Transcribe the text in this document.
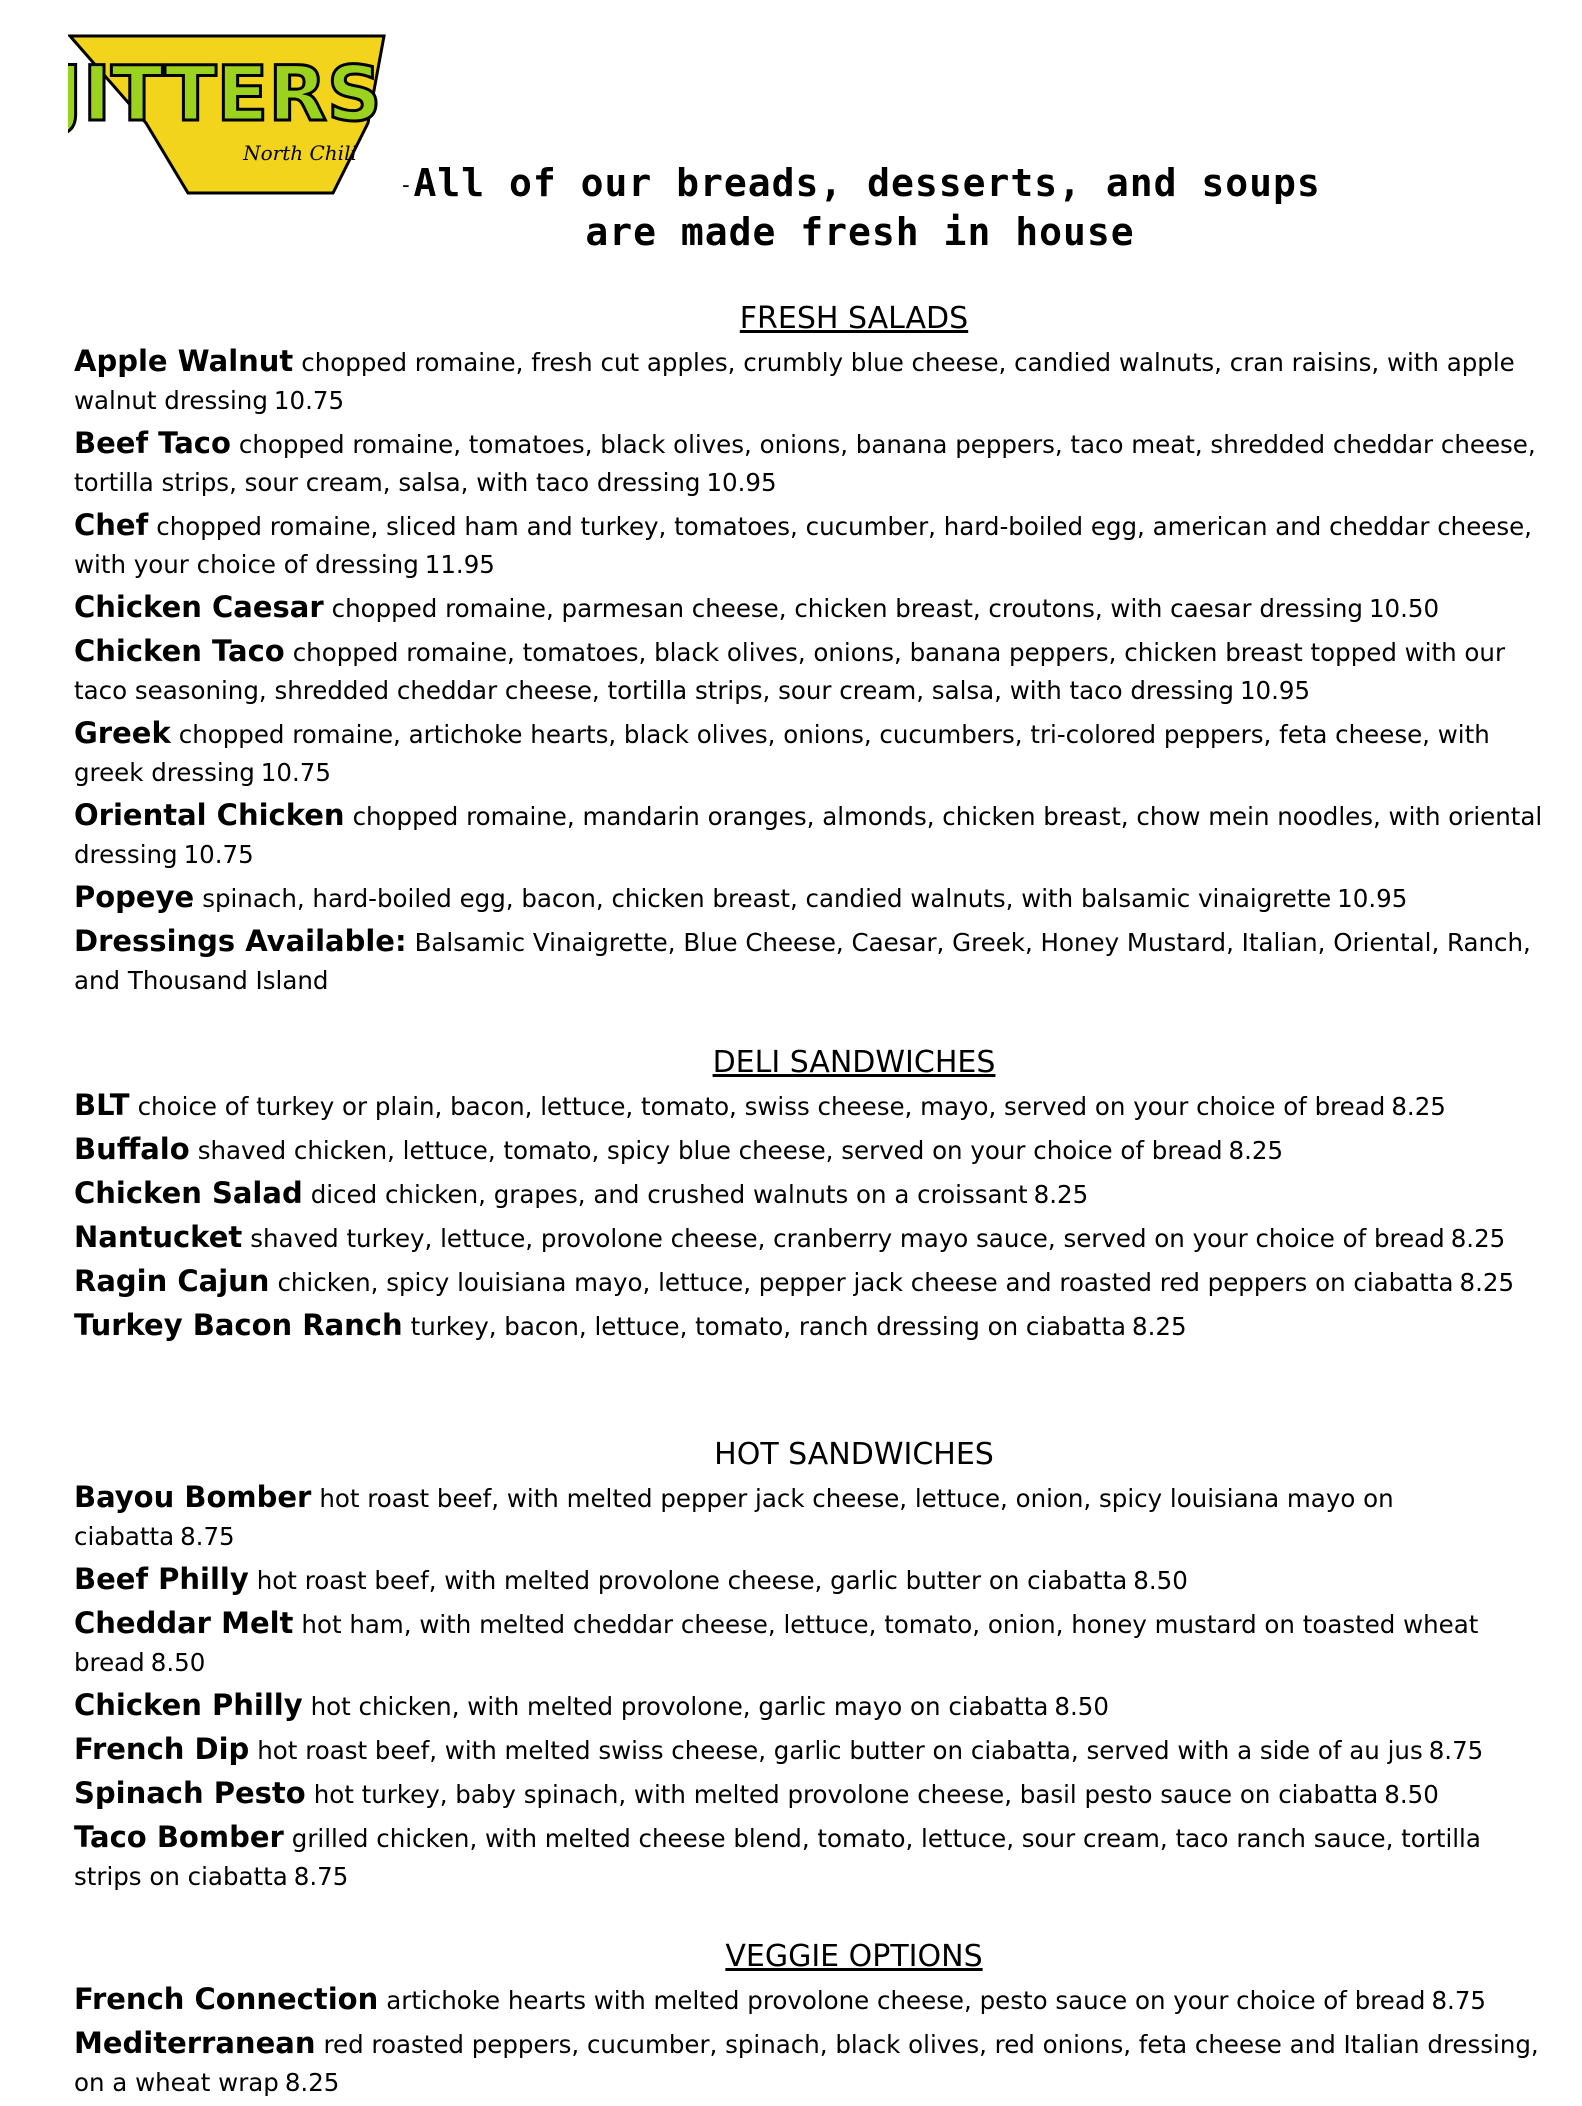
JITTERS
North Chili
-All of our breads, desserts, and soups
are made fresh in house
FRESH SALADS

Apple Walnut chopped romaine, fresh cut apples, crumbly blue cheese, candied walnuts, cran raisins, with apple walnut dressing 10.75

Beef Taco chopped romaine, tomatoes, black olives, onions, banana peppers, taco meat, shredded cheddar cheese, tortilla strips, sour cream, salsa, with taco dressing 10.95

Chef chopped romaine, sliced ham and turkey, tomatoes, cucumber, hard-boiled egg, american and cheddar cheese, with your choice of dressing 11.95

Chicken Caesar chopped romaine, parmesan cheese, chicken breast, croutons, with caesar dressing 10.50

Chicken Taco chopped romaine, tomatoes, black olives, onions, banana peppers, chicken breast topped with our taco seasoning, shredded cheddar cheese, tortilla strips, sour cream, salsa, with taco dressing 10.95

Greek chopped romaine, artichoke hearts, black olives, onions, cucumbers, tri-colored peppers, feta cheese, with greek dressing 10.75

Oriental Chicken chopped romaine, mandarin oranges, almonds, chicken breast, chow mein noodles, with oriental dressing 10.75

Popeye spinach, hard-boiled egg, bacon, chicken breast, candied walnuts, with balsamic vinaigrette 10.95

Dressings Available: Balsamic Vinaigrette, Blue Cheese, Caesar, Greek, Honey Mustard, Italian, Oriental, Ranch, and Thousand Island

DELI SANDWICHES

BLT choice of turkey or plain, bacon, lettuce, tomato, swiss cheese, mayo, served on your choice of bread 8.25

Buffalo shaved chicken, lettuce, tomato, spicy blue cheese, served on your choice of bread 8.25

Chicken Salad diced chicken, grapes, and crushed walnuts on a croissant 8.25

Nantucket shaved turkey, lettuce, provolone cheese, cranberry mayo sauce, served on your choice of bread 8.25

Ragin Cajun chicken, spicy louisiana mayo, lettuce, pepper jack cheese and roasted red peppers on ciabatta 8.25

Turkey Bacon Ranch turkey, bacon, lettuce, tomato, ranch dressing on ciabatta 8.25

HOT SANDWICHES

Bayou Bomber hot roast beef, with melted pepper jack cheese, lettuce, onion, spicy louisiana mayo on ciabatta 8.75

Beef Philly hot roast beef, with melted provolone cheese, garlic butter on ciabatta 8.50

Cheddar Melt hot ham, with melted cheddar cheese, lettuce, tomato, onion, honey mustard on toasted wheat bread 8.50

Chicken Philly hot chicken, with melted provolone, garlic mayo on ciabatta 8.50

French Dip hot roast beef, with melted swiss cheese, garlic butter on ciabatta, served with a side of au jus 8.75

Spinach Pesto hot turkey, baby spinach, with melted provolone cheese, basil pesto sauce on ciabatta 8.50

Taco Bomber grilled chicken, with melted cheese blend, tomato, lettuce, sour cream, taco ranch sauce, tortilla strips on ciabatta 8.75

VEGGIE OPTIONS

French Connection artichoke hearts with melted provolone cheese, pesto sauce on your choice of bread 8.75

Mediterranean red roasted peppers, cucumber, spinach, black olives, red onions, feta cheese and Italian dressing, on a wheat wrap 8.25
